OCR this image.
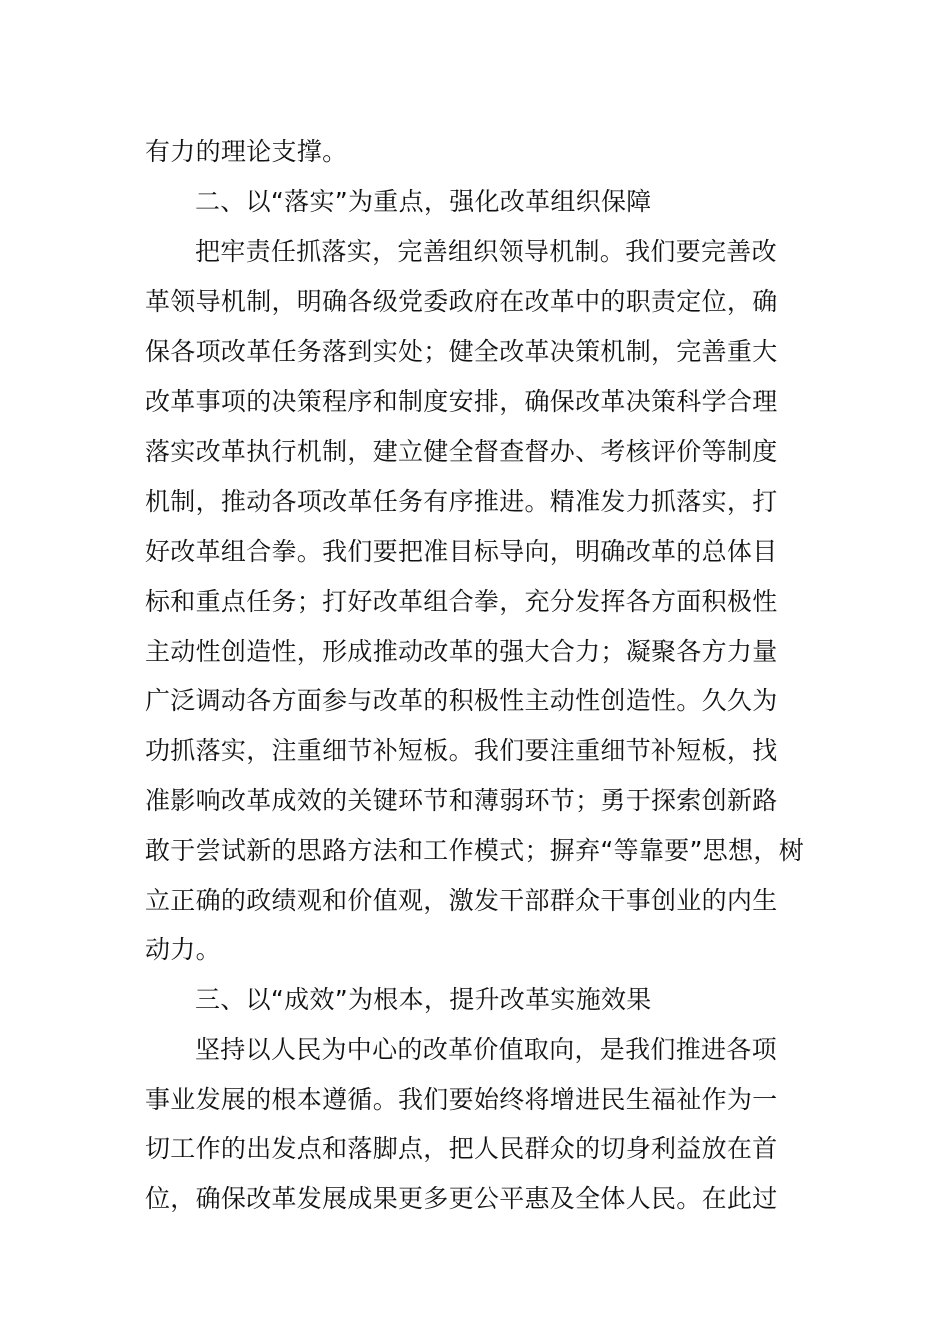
有力的理论支撑。
二、以“落实”为重点，强化改革组织保障
把牢责任抓落实，完善组织领导机制。我们要完善改
革领导机制，明确各级党委政府在改革中的职责定位，确
保各项改革任务落到实处；健全改革决策机制，完善重大
改革事项的决策程序和制度安排，确保改革决策科学合理
落实改革执行机制，建立健全督查督办、考核评价等制度
机制，推动各项改革任务有序推进。精准发力抓落实，打
好改革组合拳。我们要把准目标导向，明确改革的总体目
标和重点任务；打好改革组合拳，充分发挥各方面积极性
主动性创造性，形成推动改革的强大合力；凝聚各方力量
广泛调动各方面参与改革的积极性主动性创造性。久久为
功抓落实，注重细节补短板。我们要注重细节补短板，找
准影响改革成效的关键环节和薄弱环节；勇于探索创新路
敢于尝试新的思路方法和工作模式；摒弃“等靠要”思想，树
立正确的政绩观和价值观，激发干部群众干事创业的内生
动力。
三、以“成效”为根本，提升改革实施效果
坚持以人民为中心的改革价值取向，是我们推进各项
事业发展的根本遵循。我们要始终将增进民生福祉作为一
切工作的出发点和落脚点，把人民群众的切身利益放在首
位，确保改革发展成果更多更公平惠及全体人民。在此过
